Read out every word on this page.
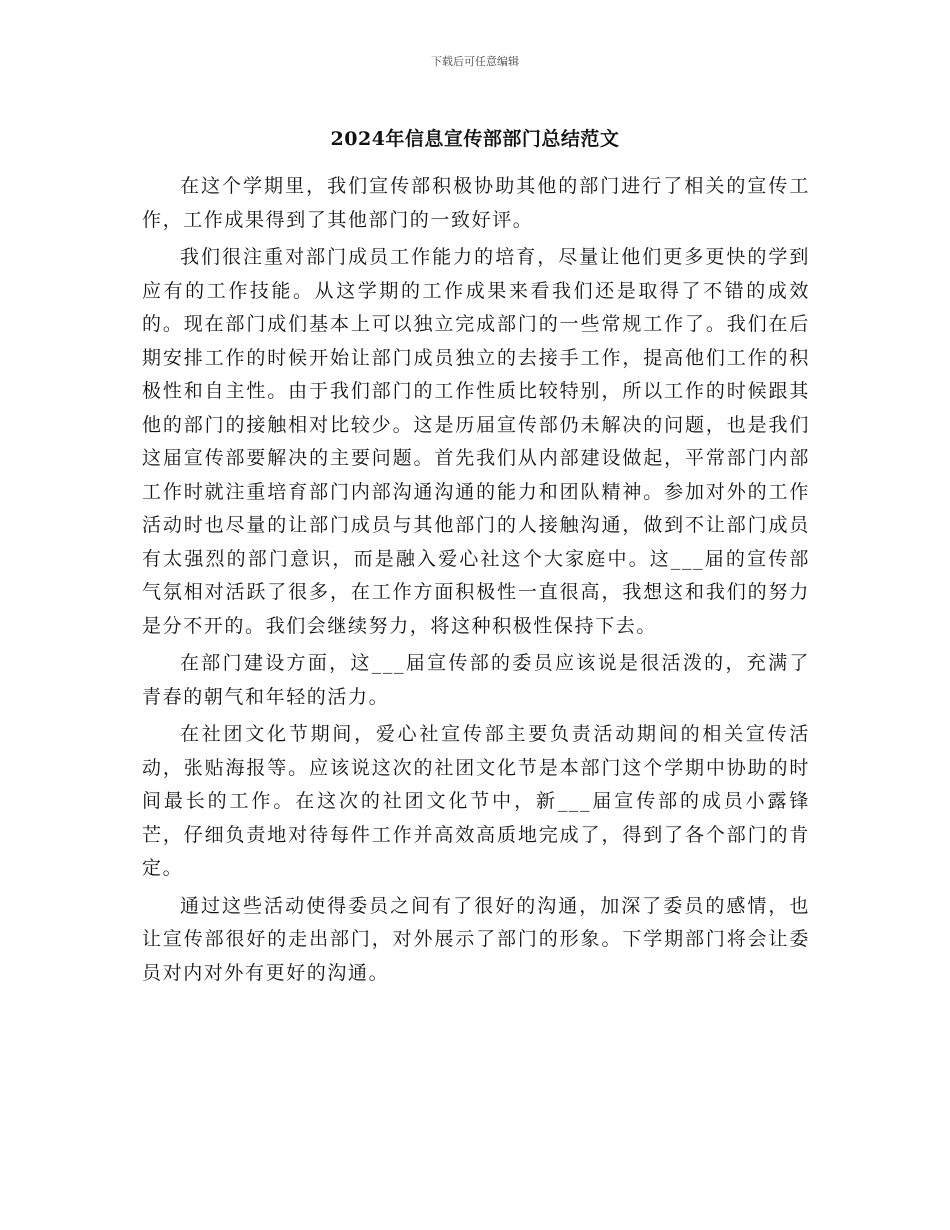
下载后可任意编辑
2024年信息宣传部部门总结范文

在这个学期里，我们宣传部积极协助其他的部门进行了相关的宣传工作，工作成果得到了其他部门的一致好评。

我们很注重对部门成员工作能力的培育，尽量让他们更多更快的学到应有的工作技能。从这学期的工作成果来看我们还是取得了不错的成效的。现在部门成们基本上可以独立完成部门的一些常规工作了。我们在后期安排工作的时候开始让部门成员独立的去接手工作，提高他们工作的积极性和自主性。由于我们部门的工作性质比较特别，所以工作的时候跟其他的部门的接触相对比较少。这是历届宣传部仍未解决的问题，也是我们这届宣传部要解决的主要问题。首先我们从内部建设做起，平常部门内部工作时就注重培育部门内部沟通沟通的能力和团队精神。参加对外的工作活动时也尽量的让部门成员与其他部门的人接触沟通，做到不让部门成员有太强烈的部门意识，而是融入爱心社这个大家庭中。这___届的宣传部气氛相对活跃了很多，在工作方面积极性一直很高，我想这和我们的努力是分不开的。我们会继续努力，将这种积极性保持下去。

在部门建设方面，这___届宣传部的委员应该说是很活泼的，充满了青春的朝气和年轻的活力。

在社团文化节期间，爱心社宣传部主要负责活动期间的相关宣传活动，张贴海报等。应该说这次的社团文化节是本部门这个学期中协助的时间最长的工作。在这次的社团文化节中，新___届宣传部的成员小露锋芒，仔细负责地对待每件工作并高效高质地完成了，得到了各个部门的肯定。

通过这些活动使得委员之间有了很好的沟通，加深了委员的感情，也让宣传部很好的走出部门，对外展示了部门的形象。下学期部门将会让委员对内对外有更好的沟通。
